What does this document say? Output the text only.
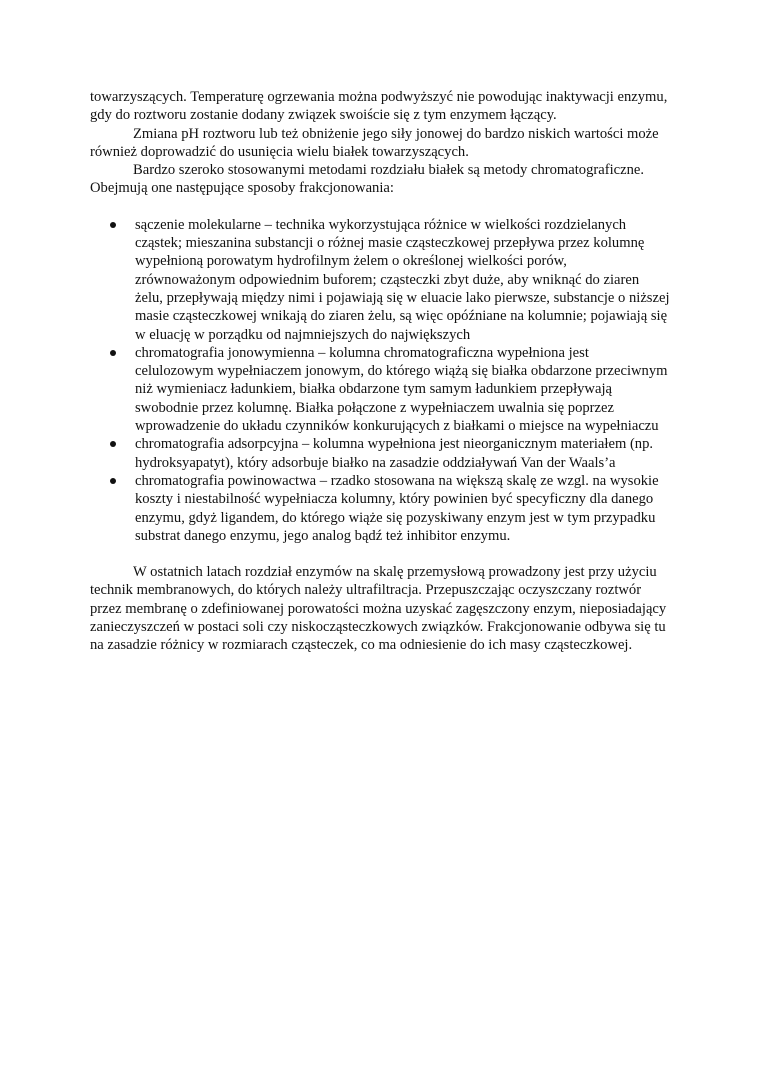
towarzyszących. Temperaturę ogrzewania można podwyższyć nie powodując inaktywacji enzymu, gdy do roztworu zostanie dodany związek swoiście się z tym enzymem łączący.

Zmiana pH roztworu lub też obniżenie jego siły jonowej do bardzo niskich wartości może również doprowadzić do usunięcia wielu białek towarzyszących.

Bardzo szeroko stosowanymi metodami rozdziału białek są metody chromatograficzne. Obejmują one następujące sposoby frakcjonowania:

sączenie molekularne – technika wykorzystująca różnice w wielkości rozdzielanych cząstek; mieszanina substancji o różnej masie cząsteczkowej przepływa przez kolumnę wypełnioną porowatym hydrofilnym żelem o określonej wielkości porów, zrównoważonym odpowiednim buforem; cząsteczki zbyt duże, aby wniknąć do ziaren żelu, przepływają między nimi i pojawiają się w eluacie lako pierwsze, substancje o niższej masie cząsteczkowej wnikają do ziaren żelu, są więc opóźniane na kolumnie; pojawiają się w eluację w porządku od najmniejszych do największych
chromatografia jonowymienna – kolumna chromatograficzna wypełniona jest celulozowym wypełniaczem jonowym, do którego wiążą się białka obdarzone przeciwnym niż wymieniacz ładunkiem, białka obdarzone tym samym ładunkiem przepływają swobodnie przez kolumnę. Białka połączone z wypełniaczem uwalnia się poprzez wprowadzenie do układu czynników konkurujących z białkami o miejsce na wypełniaczu
chromatografia adsorpcyjna – kolumna wypełniona jest nieorganicznym materiałem (np. hydroksyapatyt), który adsorbuje białko na zasadzie oddziaływań Van der Waals’a
chromatografia powinowactwa – rzadko stosowana na większą skalę ze wzgl. na wysokie koszty i niestabilność wypełniacza kolumny, który powinien być specyficzny dla danego enzymu, gdyż ligandem, do którego wiąże się pozyskiwany enzym jest w tym przypadku substrat danego enzymu, jego analog bądź też inhibitor enzymu.

W ostatnich latach rozdział enzymów na skalę przemysłową prowadzony jest przy użyciu technik membranowych, do których należy ultrafiltracja. Przepuszczając oczyszczany roztwór przez membranę o zdefiniowanej porowatości można uzyskać zagęszczony enzym, nieposiadający zanieczyszczeń w postaci soli czy niskocząsteczkowych związków. Frakcjonowanie odbywa się tu na zasadzie różnicy w rozmiarach cząsteczek, co ma odniesienie do ich masy cząsteczkowej.
